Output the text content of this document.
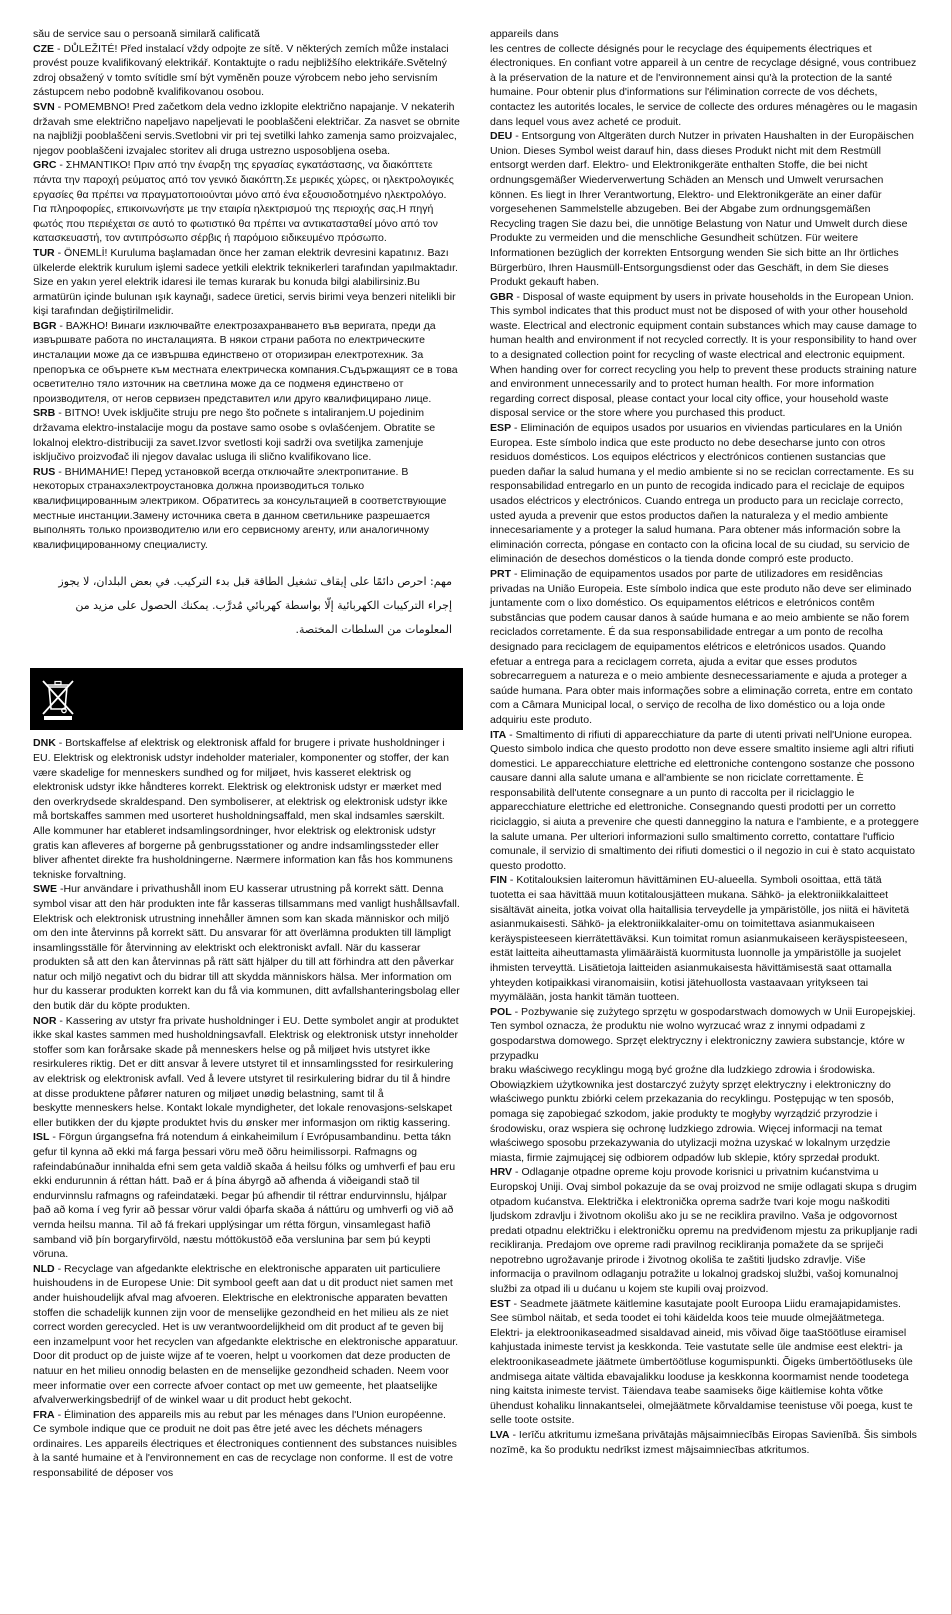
său de service sau o persoană similară calificată

CZE - DŮLEŽITÉ! Před instalací vždy odpojte ze sítě. V některých zemích může instalaci provést pouze kvalifikovaný elektrikář. Kontaktujte o radu nejbližšího elektrikáře.Světelný zdroj obsažený v tomto svítidle smí být vyměněn pouze výrobcem nebo jeho servisním zástupcem nebo podobně kvalifikovanou osobou.

SVN - POMEMBNO! Pred začetkom dela vedno izklopite električno napajanje. V nekaterih državah sme električno napeljavo napeljevati le pooblaščeni električar. Za nasvet se obrnite na najbližji pooblaščeni servis.Svetlobni vir pri tej svetilki lahko zamenja samo proizvajalec, njegov pooblaščeni izvajalec storitev ali druga ustrezno usposobljena oseba.

GRC - ΣΗΜΑΝΤΙΚΟ! Πριν από την έναρξη της εργασίας εγκατάστασης, να διακόπτετε πάντα την παροχή ρεύματος από τον γενικό διακόπτη.Σε μερικές χώρες, οι ηλεκτρολογικές εργασίες θα πρέπει να πραγματοποιούνται μόνο από ένα εξουσιοδοτημένο ηλεκτρολόγο. Για πληροφορίες, επικοινωνήστε με την εταιρία ηλεκτρισμού της περιοχής σας.Η πηγή φωτός που περιέχεται σε αυτό το φωτιστικό θα πρέπει να αντικατασταθεί μόνο από τον κατασκευαστή, τον αντιπρόσωπο σέρβις ή παρόμοιο ειδικευμένο πρόσωπο.

TUR - ÖNEMLİ! Kuruluma başlamadan önce her zaman elektrik devresini kapatınız. Bazı ülkelerde elektrik kurulum işlemi sadece yetkili elektrik teknikerleri tarafından yapılmaktadır. Size en yakın yerel elektrik idaresi ile temas kurarak bu konuda bilgi alabilirsiniz.Bu armatürün içinde bulunan ışık kaynağı, sadece üretici, servis birimi veya benzeri nitelikli bir kişi tarafından değiştirilmelidir.

BGR - ВАЖНО! Винаги изключвайте електрозахранването във веригата, преди да извършвате работа по инсталацията. В някои страни работа по електрическите инсталации може да се извършва единствено от оторизиран електротехник. За препоръка се обърнете към местната електрическа компания.Съдържащият се в това осветително тяло източник на светлина може да се подменя единствено от производителя, от негов сервизен представител или друго квалифицирано лице.

SRB - BITNO! Uvek isključite struju pre nego što počnete s intaliranjem.U pojedinim državama elektro-instalacije mogu da postave samo osobe s ovlašćenjem. Obratite se lokalnoj elektro-distribuciji za savet.Izvor svetlosti koji sadrži ova svetiljka zamenjuje isključivo proizvođač ili njegov davalac usluga ili slično kvalifikovano lice.

RUS - ВНИМАНИЕ! Перед установкой всегда отключайте электропитание. В некоторых странахэлектроустановка должна производиться только квалифицированным электриком. Обратитесь за консультацией в соответствующие местные инстанции.Замену источника света в данном светильнике разрешается выполнять только производителю или его сервисному агенту, или аналогичному квалифицированному специалисту.

مهم: احرص دائمًا على إيقاف تشغيل الطاقة قبل بدء التركيب. في بعض البلدان، لا يجوز إجراء التركيبات الكهربائية إلّا بواسطة كهربائي مُدرَّب. يمكنك الحصول على مزيد من المعلومات من السلطات المختصة.

DNK - Bortskaffelse af elektrisk og elektronisk affald for brugere i private husholdninger i EU. Elektrisk og elektronisk udstyr indeholder materialer, komponenter og stoffer, der kan være skadelige for menneskers sundhed og for miljøet, hvis kasseret elektrisk og elektronisk udstyr ikke håndteres korrekt. Elektrisk og elektronisk udstyr er mærket med den overkrydsede skraldespand. Den symboliserer, at elektrisk og elektronisk udstyr ikke må bortskaffes sammen med usorteret husholdningsaffald, men skal indsamles særskilt. Alle kommuner har etableret indsamlingsordninger, hvor elektrisk og elektronisk udstyr gratis kan afleveres af borgerne på genbrugsstationer og andre indsamlingssteder eller bliver afhentet direkte fra husholdningerne. Nærmere information kan fås hos kommunens tekniske forvaltning.

SWE -Hur användare i privathushåll inom EU kasserar utrustning på korrekt sätt. Denna symbol visar att den här produkten inte får kasseras tillsammans med vanligt hushållsavfall. Elektrisk och elektronisk utrustning innehåller ämnen som kan skada människor och miljö om den inte återvinns på korrekt sätt. Du ansvarar för att överlämna produkten till lämpligt insamlingsställe för återvinning av elektriskt och elektroniskt avfall. När du kasserar produkten så att den kan återvinnas på rätt sätt hjälper du till att förhindra att den påverkar natur och miljö negativt och du bidrar till att skydda människors hälsa. Mer information om hur du kasserar produkten korrekt kan du få via kommunen, ditt avfallshanteringsbolag eller den butik där du köpte produkten.

NOR - Kassering av utstyr fra private husholdninger i EU. Dette symbolet angir at produktet ikke skal kastes sammen med husholdningsavfall. Elektrisk og elektronisk utstyr inneholder stoffer som kan forårsake skade på menneskers helse og på miljøet hvis utstyret ikke resirkuleres riktig. Det er ditt ansvar å levere utstyret til et innsamlingssted for resirkulering av elektrisk og elektronisk avfall. Ved å levere utstyret til resirkulering bidrar du til å hindre at disse produktene påfører naturen og miljøet unødig belastning, samt til å

beskytte menneskers helse. Kontakt lokale myndigheter, det lokale renovasjons-selskapet eller butikken der du kjøpte produktet hvis du ønsker mer informasjon om riktig kassering.

ISL - Förgun úrgangsefna frá notendum á einkaheimilum í Evrópusambandinu. Þetta tákn gefur til kynna að ekki má farga þessari vöru með öðru heimilissorpi. Rafmagns og rafeindabúnaður innihalda efni sem geta valdið skaða á heilsu fólks og umhverfi ef þau eru ekki endurunnin á réttan hátt. Það er á þína ábyrgð að afhenda á viðeigandi stað til endurvinnslu rafmagns og rafeindatæki. Þegar þú afhendir til réttrar endurvinnslu, hjálpar það að koma í veg fyrir að þessar vörur valdi óþarfa skaða á náttúru og umhverfi og við að vernda heilsu manna. Til að fá frekari upplýsingar um rétta förgun, vinsamlegast hafið samband við þín borgaryfirvöld, næstu móttökustöð eða verslunina þar sem þú keypti vöruna.

NLD - Recyclage van afgedankte elektrische en elektronische apparaten uit particuliere huishoudens in de Europese Unie: Dit symbool geeft aan dat u dit product niet samen met ander huishoudelijk afval mag afvoeren. Elektrische en elektronische apparaten bevatten stoffen die schadelijk kunnen zijn voor de menselijke gezondheid en het milieu als ze niet correct worden gerecycled. Het is uw verantwoordelijkheid om dit product af te geven bij een inzamelpunt voor het recyclen van afgedankte elektrische en elektronische apparatuur. Door dit product op de juiste wijze af te voeren, helpt u voorkomen dat deze producten de natuur en het milieu onnodig belasten en de menselijke gezondheid schaden. Neem voor meer informatie over een correcte afvoer contact op met uw gemeente, het plaatselijke afvalverwerkingsbedrijf of de winkel waar u dit product hebt gekocht.

FRA - Élimination des appareils mis au rebut par les ménages dans l'Union européenne. Ce symbole indique que ce produit ne doit pas être jeté avec les déchets ménagers ordinaires. Les appareils électriques et électroniques contiennent des substances nuisibles à la santé humaine et à l'environnement en cas de recyclage non conforme. Il est de votre responsabilité de déposer vos

appareils dans

les centres de collecte désignés pour le recyclage des équipements électriques et électroniques. En confiant votre appareil à un centre de recyclage désigné, vous contribuez à la préservation de la nature et de l'environnement ainsi qu'à la protection de la santé humaine. Pour obtenir plus d'informations sur l'élimination correcte de vos déchets, contactez les autorités locales, le service de collecte des ordures ménagères ou le magasin dans lequel vous avez acheté ce produit.

DEU - Entsorgung von Altgeräten durch Nutzer in privaten Haushalten in der Europäischen Union. Dieses Symbol weist darauf hin, dass dieses Produkt nicht mit dem Restmüll entsorgt werden darf. Elektro- und Elektronikgeräte enthalten Stoffe, die bei nicht ordnungsgemäßer Wiederverwertung Schäden an Mensch und Umwelt verursachen können. Es liegt in Ihrer Verantwortung, Elektro- und Elektronikgeräte an einer dafür vorgesehenen Sammelstelle abzugeben. Bei der Abgabe zum ordnungsgemäßen Recycling tragen Sie dazu bei, die unnötige Belastung von Natur und Umwelt durch diese Produkte zu vermeiden und die menschliche Gesundheit schützen. Für weitere Informationen bezüglich der korrekten Entsorgung wenden Sie sich bitte an Ihr örtliches Bürgerbüro, Ihren Hausmüll-Entsorgungsdienst oder das Geschäft, in dem Sie dieses Produkt gekauft haben.

GBR - Disposal of waste equipment by users in private households in the European Union. This symbol indicates that this product must not be disposed of with your other household waste. Electrical and electronic equipment contain substances which may cause damage to human health and environment if not recycled correctly. It is your responsibility to hand over to a designated collection point for recycling of waste electrical and electronic equipment. When handing over for correct recycling you help to prevent these products straining nature and environment unnecessarily and to protect human health. For more information regarding correct disposal, please contact your local city office, your household waste disposal service or the store where you purchased this product.

ESP - Eliminación de equipos usados por usuarios en viviendas particulares en la Unión Europea. Este símbolo indica que este producto no debe desecharse junto con otros residuos domésticos. Los equipos eléctricos y electrónicos contienen sustancias que pueden dañar la salud humana y el medio ambiente si no se reciclan correctamente. Es su responsabilidad entregarlo en un punto de recogida indicado para el reciclaje de equipos usados eléctricos y electrónicos. Cuando entrega un producto para un reciclaje correcto, usted ayuda a prevenir que estos productos dañen la naturaleza y el medio ambiente innecesariamente y a proteger la salud humana. Para obtener más información sobre la eliminación correcta, póngase en contacto con la oficina local de su ciudad, su servicio de eliminación de desechos domésticos o la tienda donde compró este producto.

PRT - Eliminação de equipamentos usados por parte de utilizadores em residências privadas na União Europeia. Este símbolo indica que este produto não deve ser eliminado juntamente com o lixo doméstico. Os equipamentos elétricos e eletrónicos contêm substâncias que podem causar danos à saúde humana e ao meio ambiente se não forem reciclados corretamente. É da sua responsabilidade entregar a um ponto de recolha designado para reciclagem de equipamentos elétricos e eletrónicos usados. Quando efetuar a entrega para a reciclagem correta, ajuda a evitar que esses produtos sobrecarreguem a natureza e o meio ambiente desnecessariamente e ajuda a proteger a saúde humana. Para obter mais informações sobre a eliminação correta, entre em contato com a Câmara Municipal local, o serviço de recolha de lixo doméstico ou a loja onde adquiriu este produto.

ITA - Smaltimento di rifiuti di apparecchiature da parte di utenti privati nell'Unione europea. Questo simbolo indica che questo prodotto non deve essere smaltito insieme agli altri rifiuti domestici. Le apparecchiature elettriche ed elettroniche contengono sostanze che possono causare danni alla salute umana e all'ambiente se non riciclate correttamente. È responsabilità dell'utente consegnare a un punto di raccolta per il riciclaggio le apparecchiature elettriche ed elettroniche. Consegnando questi prodotti per un corretto riciclaggio, si aiuta a prevenire che questi danneggino la natura e l'ambiente, e a proteggere la salute umana. Per ulteriori informazioni sullo smaltimento corretto, contattare l'ufficio comunale, il servizio di smaltimento dei rifiuti domestici o il negozio in cui è stato acquistato questo prodotto.

FIN - Kotitalouksien laiteromun hävittäminen EU-alueella. Symboli osoittaa, että tätä tuotetta ei saa hävittää muun kotitalousjätteen mukana. Sähkö- ja elektroniikkalaitteet sisältävät aineita, jotka voivat olla haitallisia terveydelle ja ympäristölle, jos niitä ei hävitetä asianmukaisesti. Sähkö- ja elektroniikkalaiter-omu on toimitettava asianmukaiseen keräyspisteeseen kierrätettäväksi. Kun toimitat romun asianmukaiseen keräyspisteeseen, estät laitteita aiheuttamasta ylimääräistä kuormitusta luonnolle ja ympäristölle ja suojelet ihmisten terveyttä. Lisätietoja laitteiden asianmukaisesta hävittämisestä saat ottamalla yhteyden kotipaikkasi viranomaisiin, kotisi jätehuollosta vastaavaan yritykseen tai myymälään, josta hankit tämän tuotteen.

POL - Pozbywanie się zużytego sprzętu w gospodarstwach domowych w Unii Europejskiej. Ten symbol oznacza, że produktu nie wolno wyrzucać wraz z innymi odpadami z gospodarstwa domowego. Sprzęt elektryczny i elektroniczny zawiera substancje, które w przypadku

braku właściwego recyklingu mogą być groźne dla ludzkiego zdrowia i środowiska. Obowiązkiem użytkownika jest dostarczyć zużyty sprzęt elektryczny i elektroniczny do właściwego punktu zbiórki celem przekazania do recyklingu. Postępując w ten sposób, pomaga się zapobiegać szkodom, jakie produkty te mogłyby wyrządzić przyrodzie i środowisku, oraz wspiera się ochronę ludzkiego zdrowia. Więcej informacji na temat właściwego sposobu przekazywania do utylizacji można uzyskać w lokalnym urzędzie miasta, firmie zajmującej się odbiorem odpadów lub sklepie, który sprzedał produkt.

HRV - Odlaganje otpadne opreme koju provode korisnici u privatnim kućanstvima u Europskoj Uniji. Ovaj simbol pokazuje da se ovaj proizvod ne smije odlagati skupa s drugim otpadom kućanstva. Električka i elektronička oprema sadrže tvari koje mogu naškoditi ljudskom zdravlju i životnom okolišu ako ju se ne reciklira pravilno. Vaša je odgovornost predati otpadnu električku i elektroničku opremu na predviđenom mjestu za prikupljanje radi recikliranja. Predajom ove opreme radi pravilnog recikliranja pomažete da se spriječi nepotrebno ugrožavanje prirode i životnog okoliša te zaštiti ljudsko zdravlje. Više informacija o pravilnom odlaganju potražite u lokalnoj gradskoj službi, vašoj komunalnoj službi za otpad ili u dućanu u kojem ste kupili ovaj proizvod.

EST - Seadmete jäätmete käitlemine kasutajate poolt Euroopa Liidu eramajapidamistes. See sümbol näitab, et seda toodet ei tohi käidelda koos teie muude olmejäätmetega. Elektri- ja elektroonikaseadmed sisaldavad aineid, mis võivad õige taaStöötluse eiramisel kahjustada inimeste tervist ja keskkonda. Teie vastutate selle üle andmise eest elektri- ja elektroonikaseadmete jäätmete ümbertöötluse kogumispunkti. Õigeks ümbertöötluseks üle andmisega aitate vältida ebavajalikku looduse ja keskkonna koormamist nende toodetega ning kaitsta inimeste tervist. Täiendava teabe saamiseks õige käitlemise kohta võtke ühendust kohaliku linnakantselei, olmejäätmete kõrvaldamise teenistuse või poega, kust te selle toote ostsite.

LVA - Ierīču atkritumu izmešana privātajās mājsaimniecībās Eiropas Savienībā. Šis simbols nozīmē, ka šo produktu nedrīkst izmest mājsaimniecības atkritumos.
